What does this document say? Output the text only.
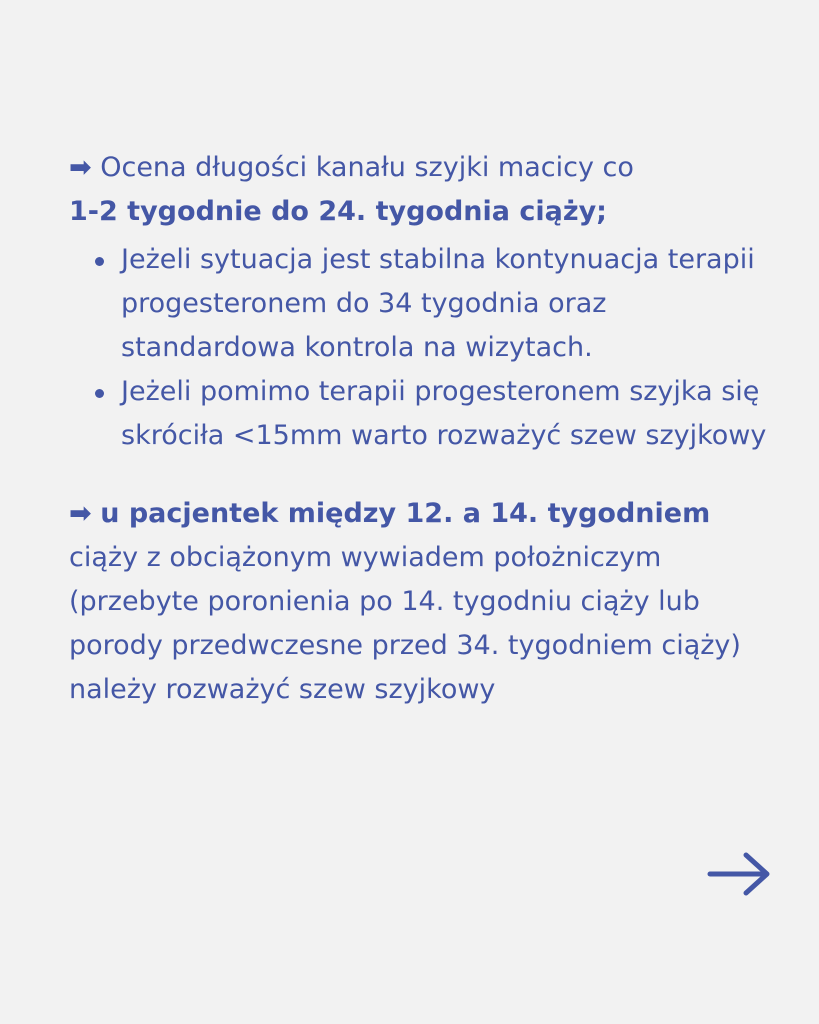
➡ Ocena długości kanału szyjki macicy co
1-2 tygodnie do 24. tygodnia ciąży;

Jeżeli sytuacja jest stabilna kontynuacja terapii progesteronem do 34 tygodnia oraz standardowa kontrola na wizytach.
Jeżeli pomimo terapii progesteronem szyjka się skróciła <15mm warto rozważyć szew szyjkowy

➡ u pacjentek między 12. a 14. tygodniem
ciąży z obciążonym wywiadem położniczym (przebyte poronienia po 14. tygodniu ciąży lub porody przedwczesne przed 34. tygodniem ciąży) należy rozważyć szew szyjkowy
